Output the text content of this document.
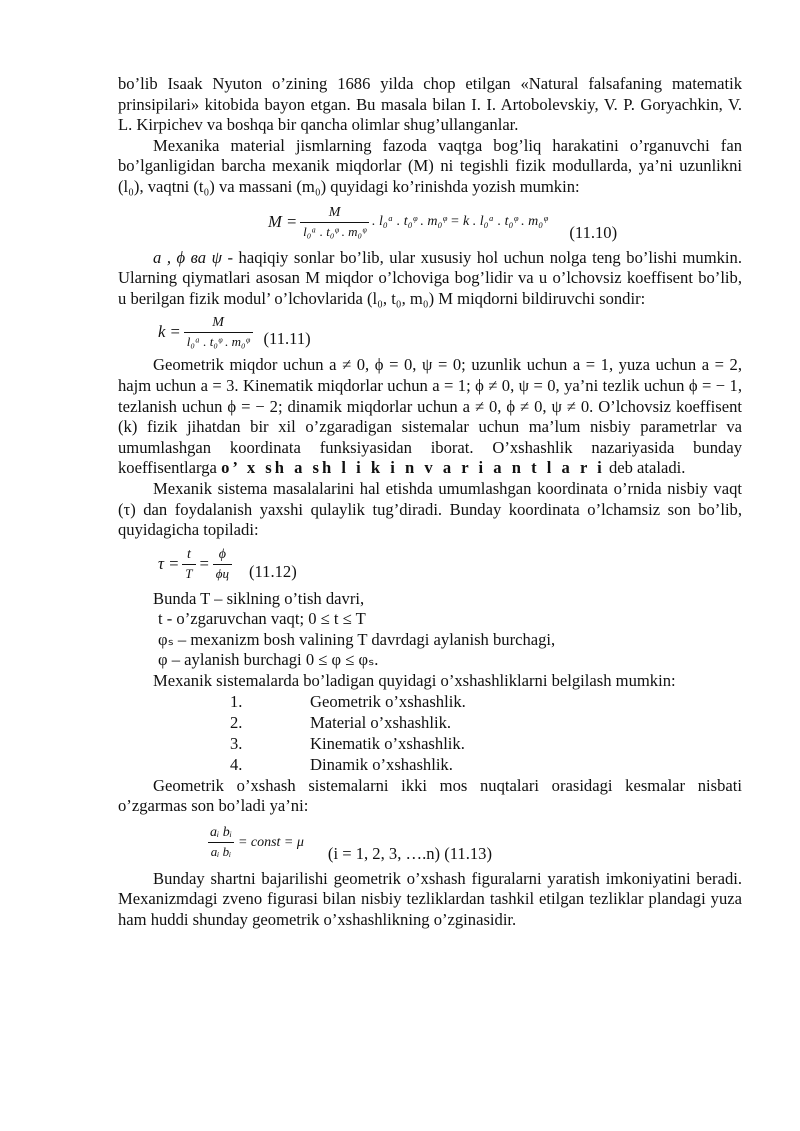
bo’lib Isaak Nyuton o’zining 1686 yilda chop etilgan «Natural falsafaning matematik prinsipilari» kitobida bayon etgan. Bu masala bilan I. I. Artobolevskiy, V. P. Goryachkin, V. L. Kirpichev va boshqa bir qancha olimlar shug’ullanganlar.

Mexanika material jismlarning fazoda vaqtga bog’liq harakatini o’rganuvchi fan bo’lganligidan barcha mexanik miqdorlar (M) ni tegishli fizik modullarda, ya’ni uzunlikni (l₀), vaqtni (t₀) va massani (m₀) quyidagi ko’rinishda yozish mumkin:

$M = \frac{M}{\text{l₀ᵃ . t₀ᵠ . m₀ᵠ}}$ . l₀ᵃ . t₀ᵠ . m₀ᵠ = k . l₀ᵃ . t₀ᵠ . m₀ᵠ
(11.10)

a , ϕ ва ψ - haqiqiy sonlar bo’lib, ular xususiy hol uchun nolga teng bo’lishi mumkin. Ularning qiymatlari asosan M miqdor o’lchoviga bog’lidir va u o’lchovsiz koeffisent bo’lib, u berilgan fizik modul’ o’lchovlarida (l₀, t₀, m₀) M miqdorni bildiruvchi sondir:

$k = \frac{M}{\text{l₀ᵃ . t₀ᵠ . m₀ᵠ}} (11.11)$

Geometrik miqdor uchun a ≠ 0, ϕ = 0, ψ = 0; uzunlik uchun a = 1, yuza uchun a = 2, hajm uchun a = 3. Kinematik miqdorlar uchun a = 1; ϕ ≠ 0, ψ = 0, ya’ni tezlik uchun ϕ = − 1, tezlanish uchun ϕ = − 2; dinamik miqdorlar uchun a ≠ 0, ϕ ≠ 0, ψ ≠ 0. O’lchovsiz koeffisent (k) fizik jihatdan bir xil o’zgaradigan sistemalar uchun ma’lum nisbiy parametrlar va umumlashgan koordinata funksiyasidan iborat. O’xshashlik nazariyasida bunday koeffisentlarga o’ x sh a sh l i k i n v a r i a n t l a r i deb ataladi.

Mexanik sistema masalalarini hal etishda umumlashgan koordinata o’rnida nisbiy vaqt (τ) dan foydalanish yaxshi qulaylik tug’diradi. Bunday koordinata o’lchamsiz son bo’lib, quyidagicha topiladi:

$\tau = \frac{t}{T} = \frac{\phi}{\phi ц} (11.12)$

Bunda T – siklning o’tish davri,

t - o’zgaruvchan vaqt; 0 ≤ t ≤ T

φₛ – mexanizm bosh valining T davrdagi aylanish burchagi,

φ – aylanish burchagi 0 ≤ φ ≤ φₛ.

Mexanik sistemalarda bo’ladigan quyidagi o’xshashliklarni belgilash mumkin:

1.	Geometrik o’xshashlik.
2.	Material o’xshashlik.
3.	Kinematik o’xshashlik.
4.	Dinamik o’xshashlik.

Geometrik o’xshash sistemalarni ikki mos nuqtalari orasidagi kesmalar nisbati o’zgarmas son bo’ladi ya’ni:

$\frac{\text{aᵢ bᵢ}}{\text{aᵢ bᵢ}}$ = const = μ
(i = 1, 2, 3, ….n) (11.13)

Bunday shartni bajarilishi geometrik o’xshash figuralarni yaratish imkoniyatini beradi. Mexanizmdagi zveno figurasi bilan nisbiy tezliklardan tashkil etilgan tezliklar plandagi yuza ham huddi shunday geometrik o’xshashlikning o’zginasidir.
